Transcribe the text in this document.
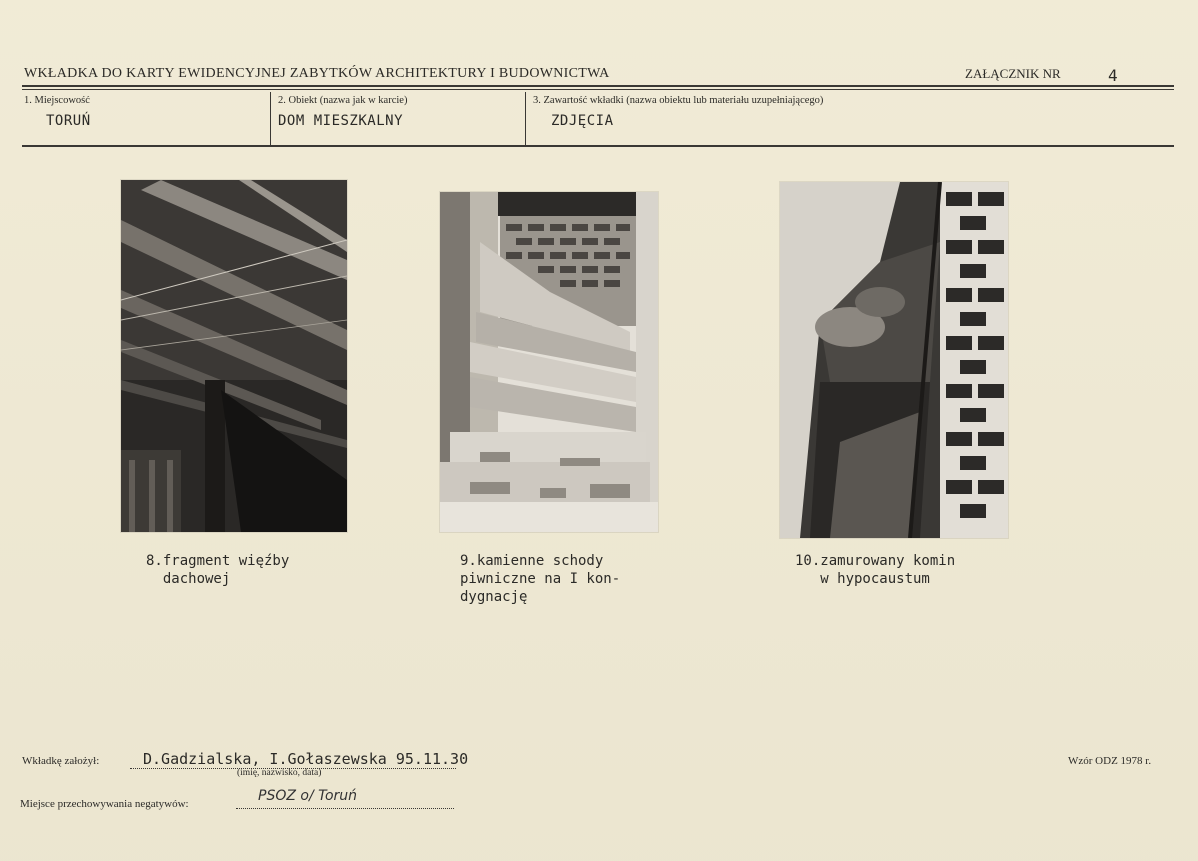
WKŁADKA DO KARTY EWIDENCYJNEJ ZABYTKÓW ARCHITEKTURY I BUDOWNICTWA	ZAŁĄCZNIK NR	4
1. Miejscowość
TORUŃ
2. Obiekt (nazwa jak w karcie)
DOM MIESZKALNY
3. Zawartość wkładki (nazwa obiektu lub materiału uzupełniającego)
ZDJĘCIA
8.fragment więźby
dachowej
9.kamienne schody
piwniczne na I kon-
dygnację
10.zamurowany komin
w hypocaustum
Wkładkę założył:	D.Gadzialska, I.Gołaszewska 95.11.30
(imię, nazwisko, data)
Miejsce przechowywania negatywów:	PSOZ o/ Toruń
Wzór ODZ 1978 r.
